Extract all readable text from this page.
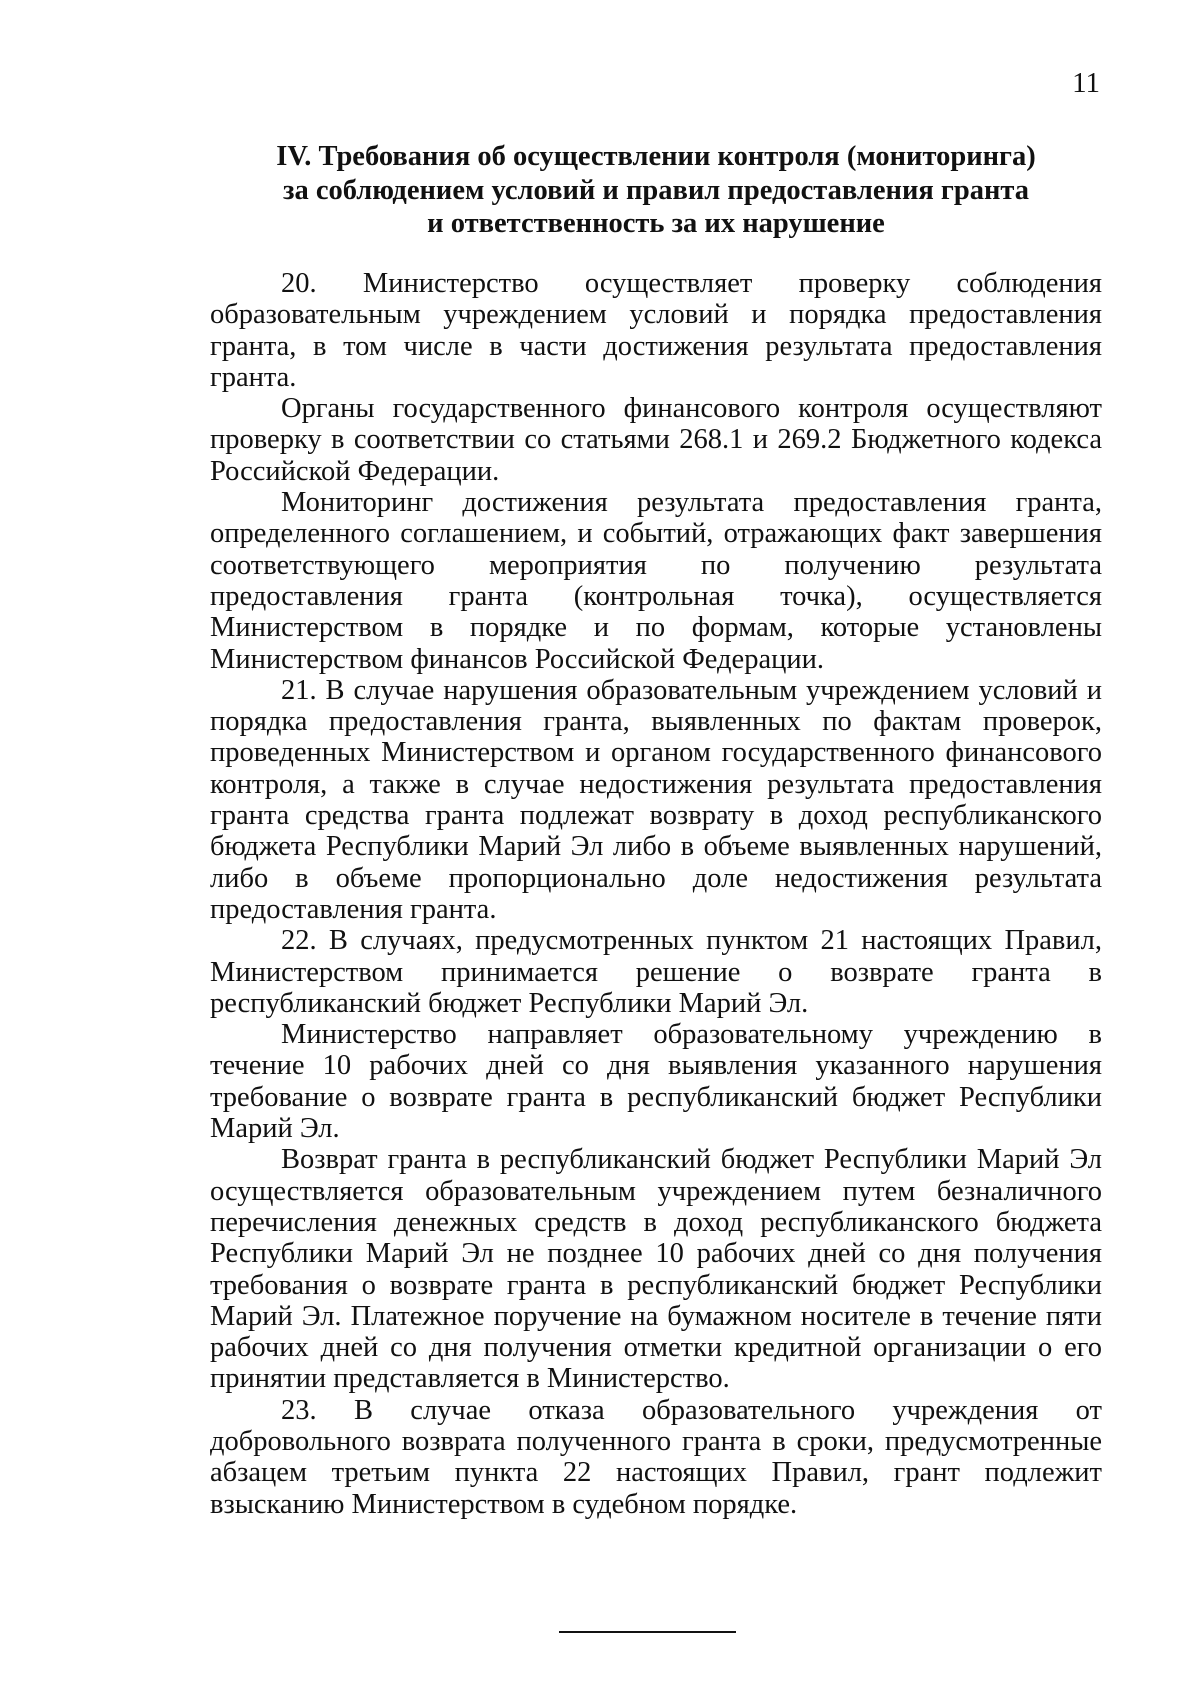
11
IV. Требования об осуществлении контроля (мониторинга)
за соблюдением условий и правил предоставления гранта
и ответственность за их нарушение

20. Министерство осуществляет проверку соблюдения образовательным учреждением условий и порядка предоставления гранта, в том числе в части достижения результата предоставления гранта.

Органы государственного финансового контроля осуществляют проверку в соответствии со статьями 268.1 и 269.2 Бюджетного кодекса Российской Федерации.

Мониторинг достижения результата предоставления гранта, определенного соглашением, и событий, отражающих факт завершения соответствующего мероприятия по получению результата предоставления гранта (контрольная точка), осуществляется Министерством в порядке и по формам, которые установлены Министерством финансов Российской Федерации.

21. В случае нарушения образовательным учреждением условий и порядка предоставления гранта, выявленных по фактам проверок, проведенных Министерством и органом государственного финансового контроля, а также в случае недостижения результата предоставления гранта средства гранта подлежат возврату в доход республиканского бюджета Республики Марий Эл либо в объеме выявленных нарушений, либо в объеме пропорционально доле недостижения результата предоставления гранта.

22. В случаях, предусмотренных пунктом 21 настоящих Правил, Министерством принимается решение о возврате гранта в республиканский бюджет Республики Марий Эл.

Министерство направляет образовательному учреждению в течение 10 рабочих дней со дня выявления указанного нарушения требование о возврате гранта в республиканский бюджет Республики Марий Эл.

Возврат гранта в республиканский бюджет Республики Марий Эл осуществляется образовательным учреждением путем безналичного перечисления денежных средств в доход республиканского бюджета Республики Марий Эл не позднее 10 рабочих дней со дня получения требования о возврате гранта в республиканский бюджет Республики Марий Эл. Платежное поручение на бумажном носителе в течение пяти рабочих дней со дня получения отметки кредитной организации о его принятии представляется в Министерство.

23. В случае отказа образовательного учреждения от добровольного возврата полученного гранта в сроки, предусмотренные абзацем третьим пункта 22 настоящих Правил, грант подлежит взысканию Министерством в судебном порядке.
